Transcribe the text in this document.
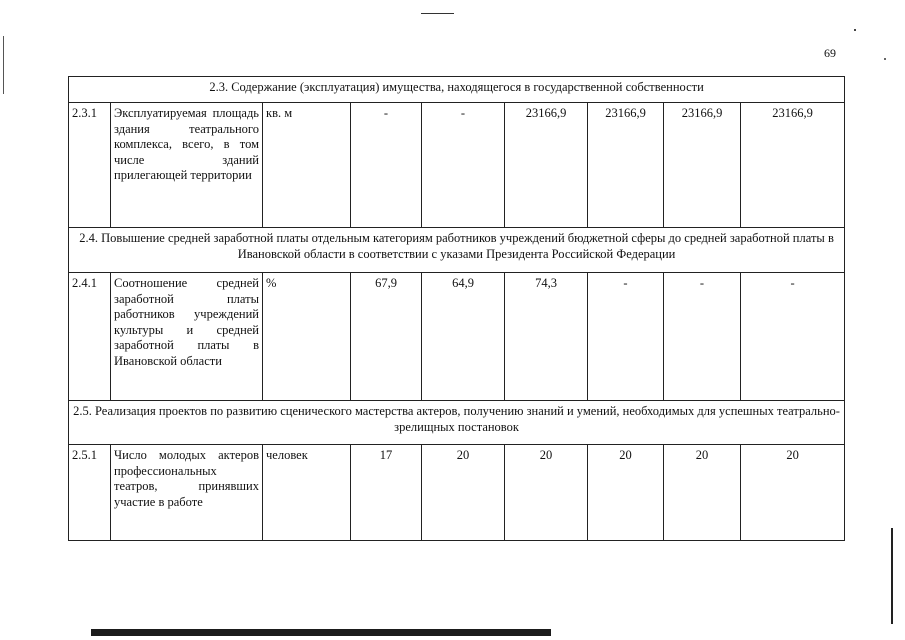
69
2.3. Содержание (эксплуатация) имущества, находящегося в государственной собственности								
2.3.1	Эксплуатируемая площадь здания театрального комплекса, всего, в том числе зданий прилегающей территории	кв. м	-	-	23166,9	23166,9	23166,9	23166,9
2.4. Повышение средней заработной платы отдельным категориям работников учреждений бюджетной сферы до средней заработной платы в Ивановской области в соответствии с указами Президента Российской Федерации								
2.4.1	Соотношение средней заработной платы работников учреждений культуры и средней заработной платы в Ивановской области	%	67,9	64,9	74,3	-	-	-
2.5. Реализация проектов по развитию сценического мастерства актеров, получению знаний и умений, необходимых для успешных театрально-зрелищных постановок								
2.5.1	Число молодых актеров профессиональных театров, принявших участие в работе	человек	17	20	20	20	20	20
